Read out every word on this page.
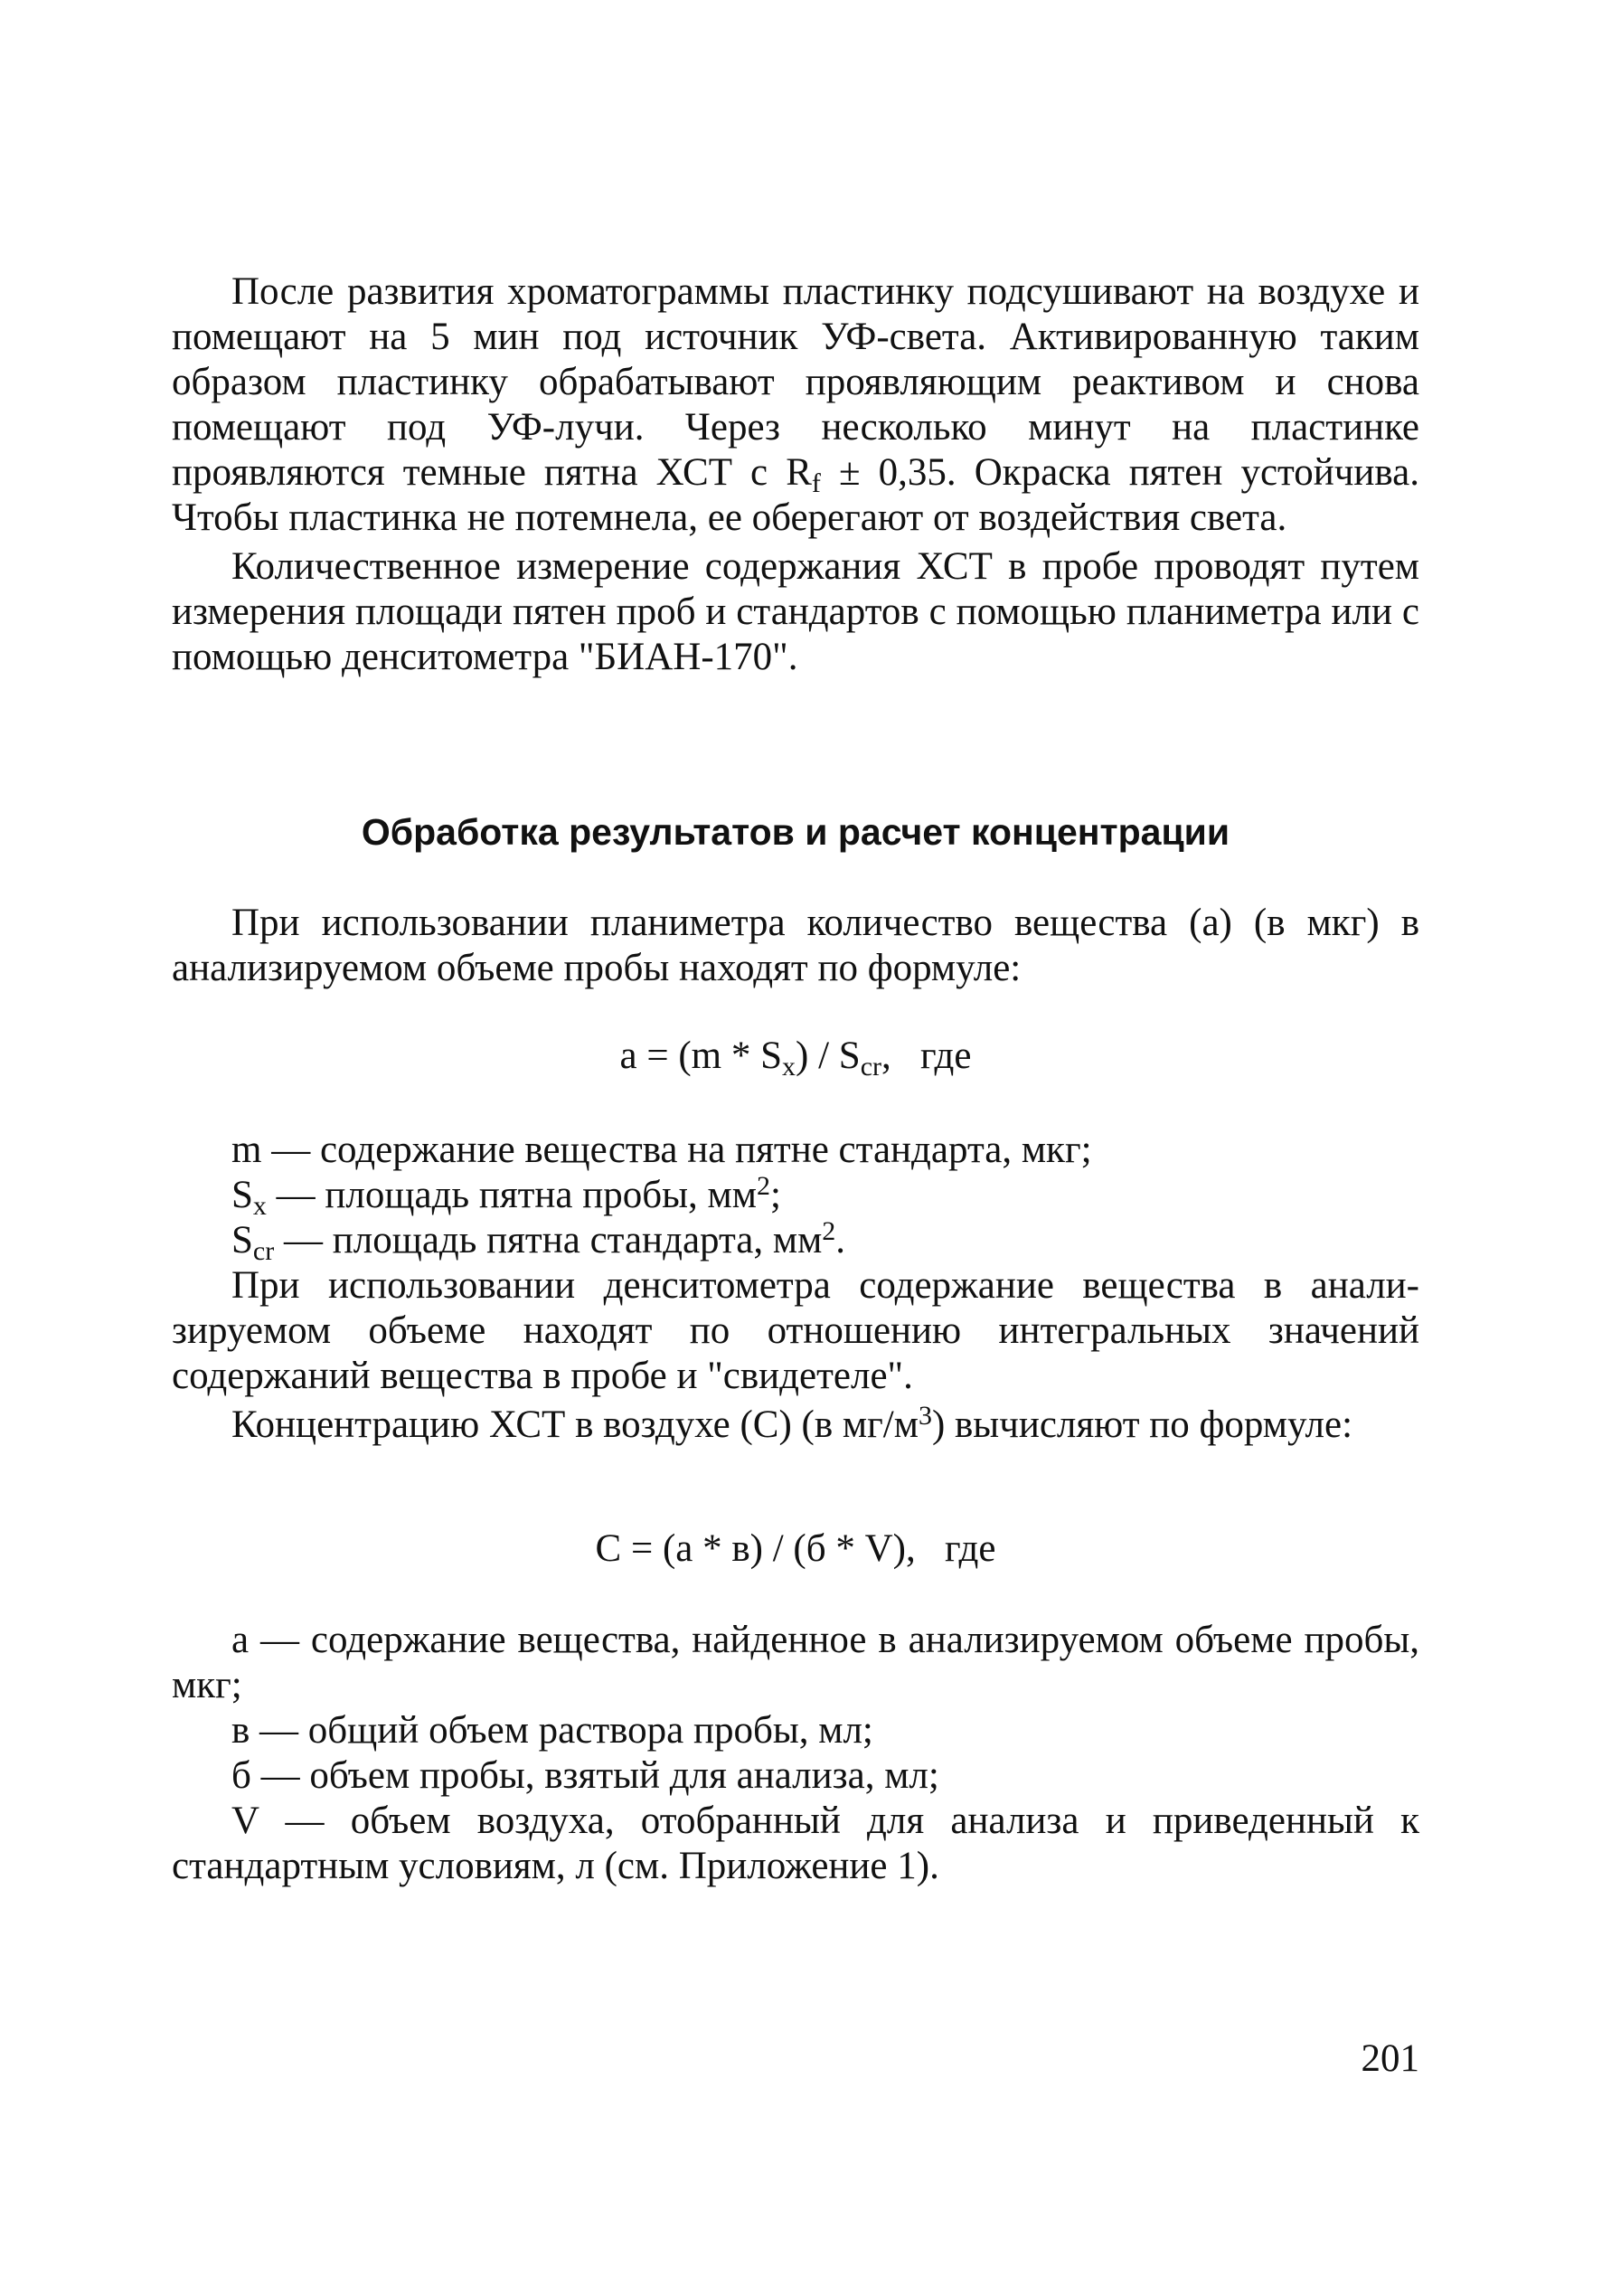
После развития хроматограммы пластинку подсушивают на воздухе и помещают на 5 мин под источник УФ-света. Активированную таким образом пластинку обрабатывают проявляющим реактивом и снова помещают под УФ-лучи. Через несколько минут на пластинке проявляются темные пятна ХСТ с $R_f \pm 0,35$. Окраска пятен устойчива. Чтобы пластинка не потемнела, ее оберегают от воздействия света.

Количественное измерение содержания ХСТ в пробе проводят путем измерения площади пятен проб и стандартов с помощью планиметра или с помощью денситометра "БИАН-170".

Обработка результатов и расчет концентрации

При использовании планиметра количество вещества (а) (в мкг) в анализируемом объеме пробы находят по формуле:

$а = (m * S_x) / S_{cr}$,   где

m — содержание вещества на пятне стандарта, мкг;

$S_x$ — площадь пятна пробы, $мм^2$;

$S_{cr}$ — площадь пятна стандарта, $мм^2$.

При использовании денситометра содержание вещества в анализируемом объеме находят по отношению интегральных значений содержаний вещества в пробе и "свидетеле".

Концентрацию ХСТ в воздухе (С) (в $мг/м^3$) вычисляют по формуле:

С = (а * в) / (б * V),   где

а — содержание вещества, найденное в анализируемом объеме пробы, мкг;

в — общий объем раствора пробы, мл;

б — объем пробы, взятый для анализа, мл;

V — объем воздуха, отобранный для анализа и приведенный к стандартным условиям, л (см. Приложение 1).

201
